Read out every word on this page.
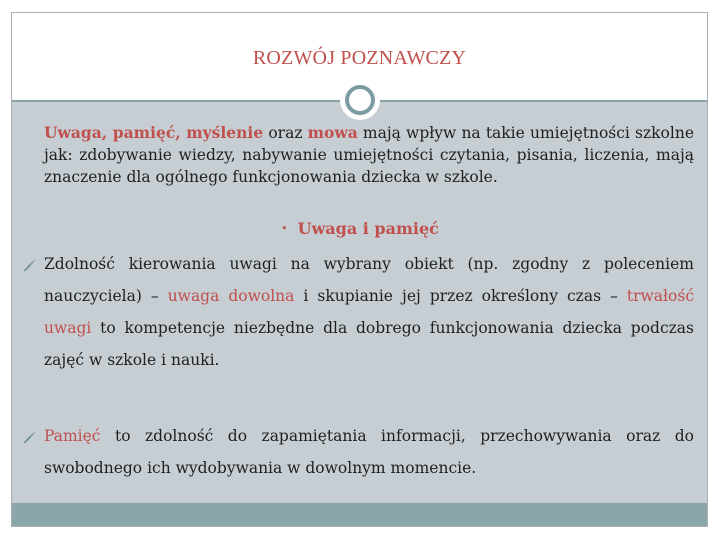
ROZWÓJ POZNAWCZY

Uwaga, pamięć, myślenie oraz mowa mają wpływ na takie umiejętności szkolne jak: zdobywanie wiedzy, nabywanie umiejętności czytania, pisania, liczenia, mają znaczenie dla ogólnego funkcjonowania dziecka w szkole.

• Uwaga i pamięć

Zdolność kierowania uwagi na wybrany obiekt (np. zgodny z poleceniem nauczyciela) – uwaga dowolna i skupianie jej przez określony czas – trwałość uwagi to kompetencje niezbędne dla dobrego funkcjonowania dziecka podczas zajęć w szkole i nauki.

Pamięć to zdolność do zapamiętania informacji, przechowywania oraz do swobodnego ich wydobywania w dowolnym momencie.
